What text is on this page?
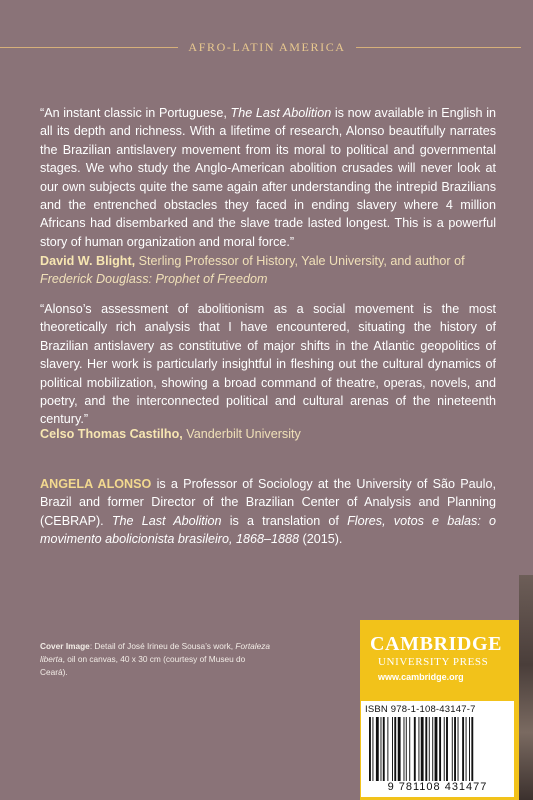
AFRO-LATIN AMERICA

“An instant classic in Portuguese, The Last Abolition is now available in English in all its depth and richness. With a lifetime of research, Alonso beautifully narrates the Brazilian antislavery movement from its moral to political and governmental stages. We who study the Anglo-American abolition crusades will never look at our own subjects quite the same again after understanding the intrepid Brazilians and the entrenched obstacles they faced in ending slavery where 4 million Africans had disembarked and the slave trade lasted longest. This is a powerful story of human organization and moral force.”

David W. Blight, Sterling Professor of History, Yale University, and author of
Frederick Douglass: Prophet of Freedom

“Alonso’s assessment of abolitionism as a social movement is the most theoretically rich analysis that I have encountered, situating the history of Brazilian antislavery as constitutive of major shifts in the Atlantic geopolitics of slavery. Her work is particularly insightful in fleshing out the cultural dynamics of political mobilization, showing a broad command of theatre, operas, novels, and poetry, and the interconnected political and cultural arenas of the nineteenth century.”

Celso Thomas Castilho, Vanderbilt University

ANGELA ALONSO is a Professor of Sociology at the University of São Paulo, Brazil and former Director of the Brazilian Center of Analysis and Planning (CEBRAP). The Last Abolition is a translation of Flores, votos e balas: o movimento abolicionista brasileiro, 1868–1888 (2015).

Cover Image: Detail of José Irineu de Sousa’s work, Fortaleza liberta, oil on canvas, 40 x 30 cm (courtesy of Museu do Ceará).
CAMBRIDGE
UNIVERSITY PRESS
www.cambridge.org
ISBN 978-1-108-43147-7
9 781108 431477
